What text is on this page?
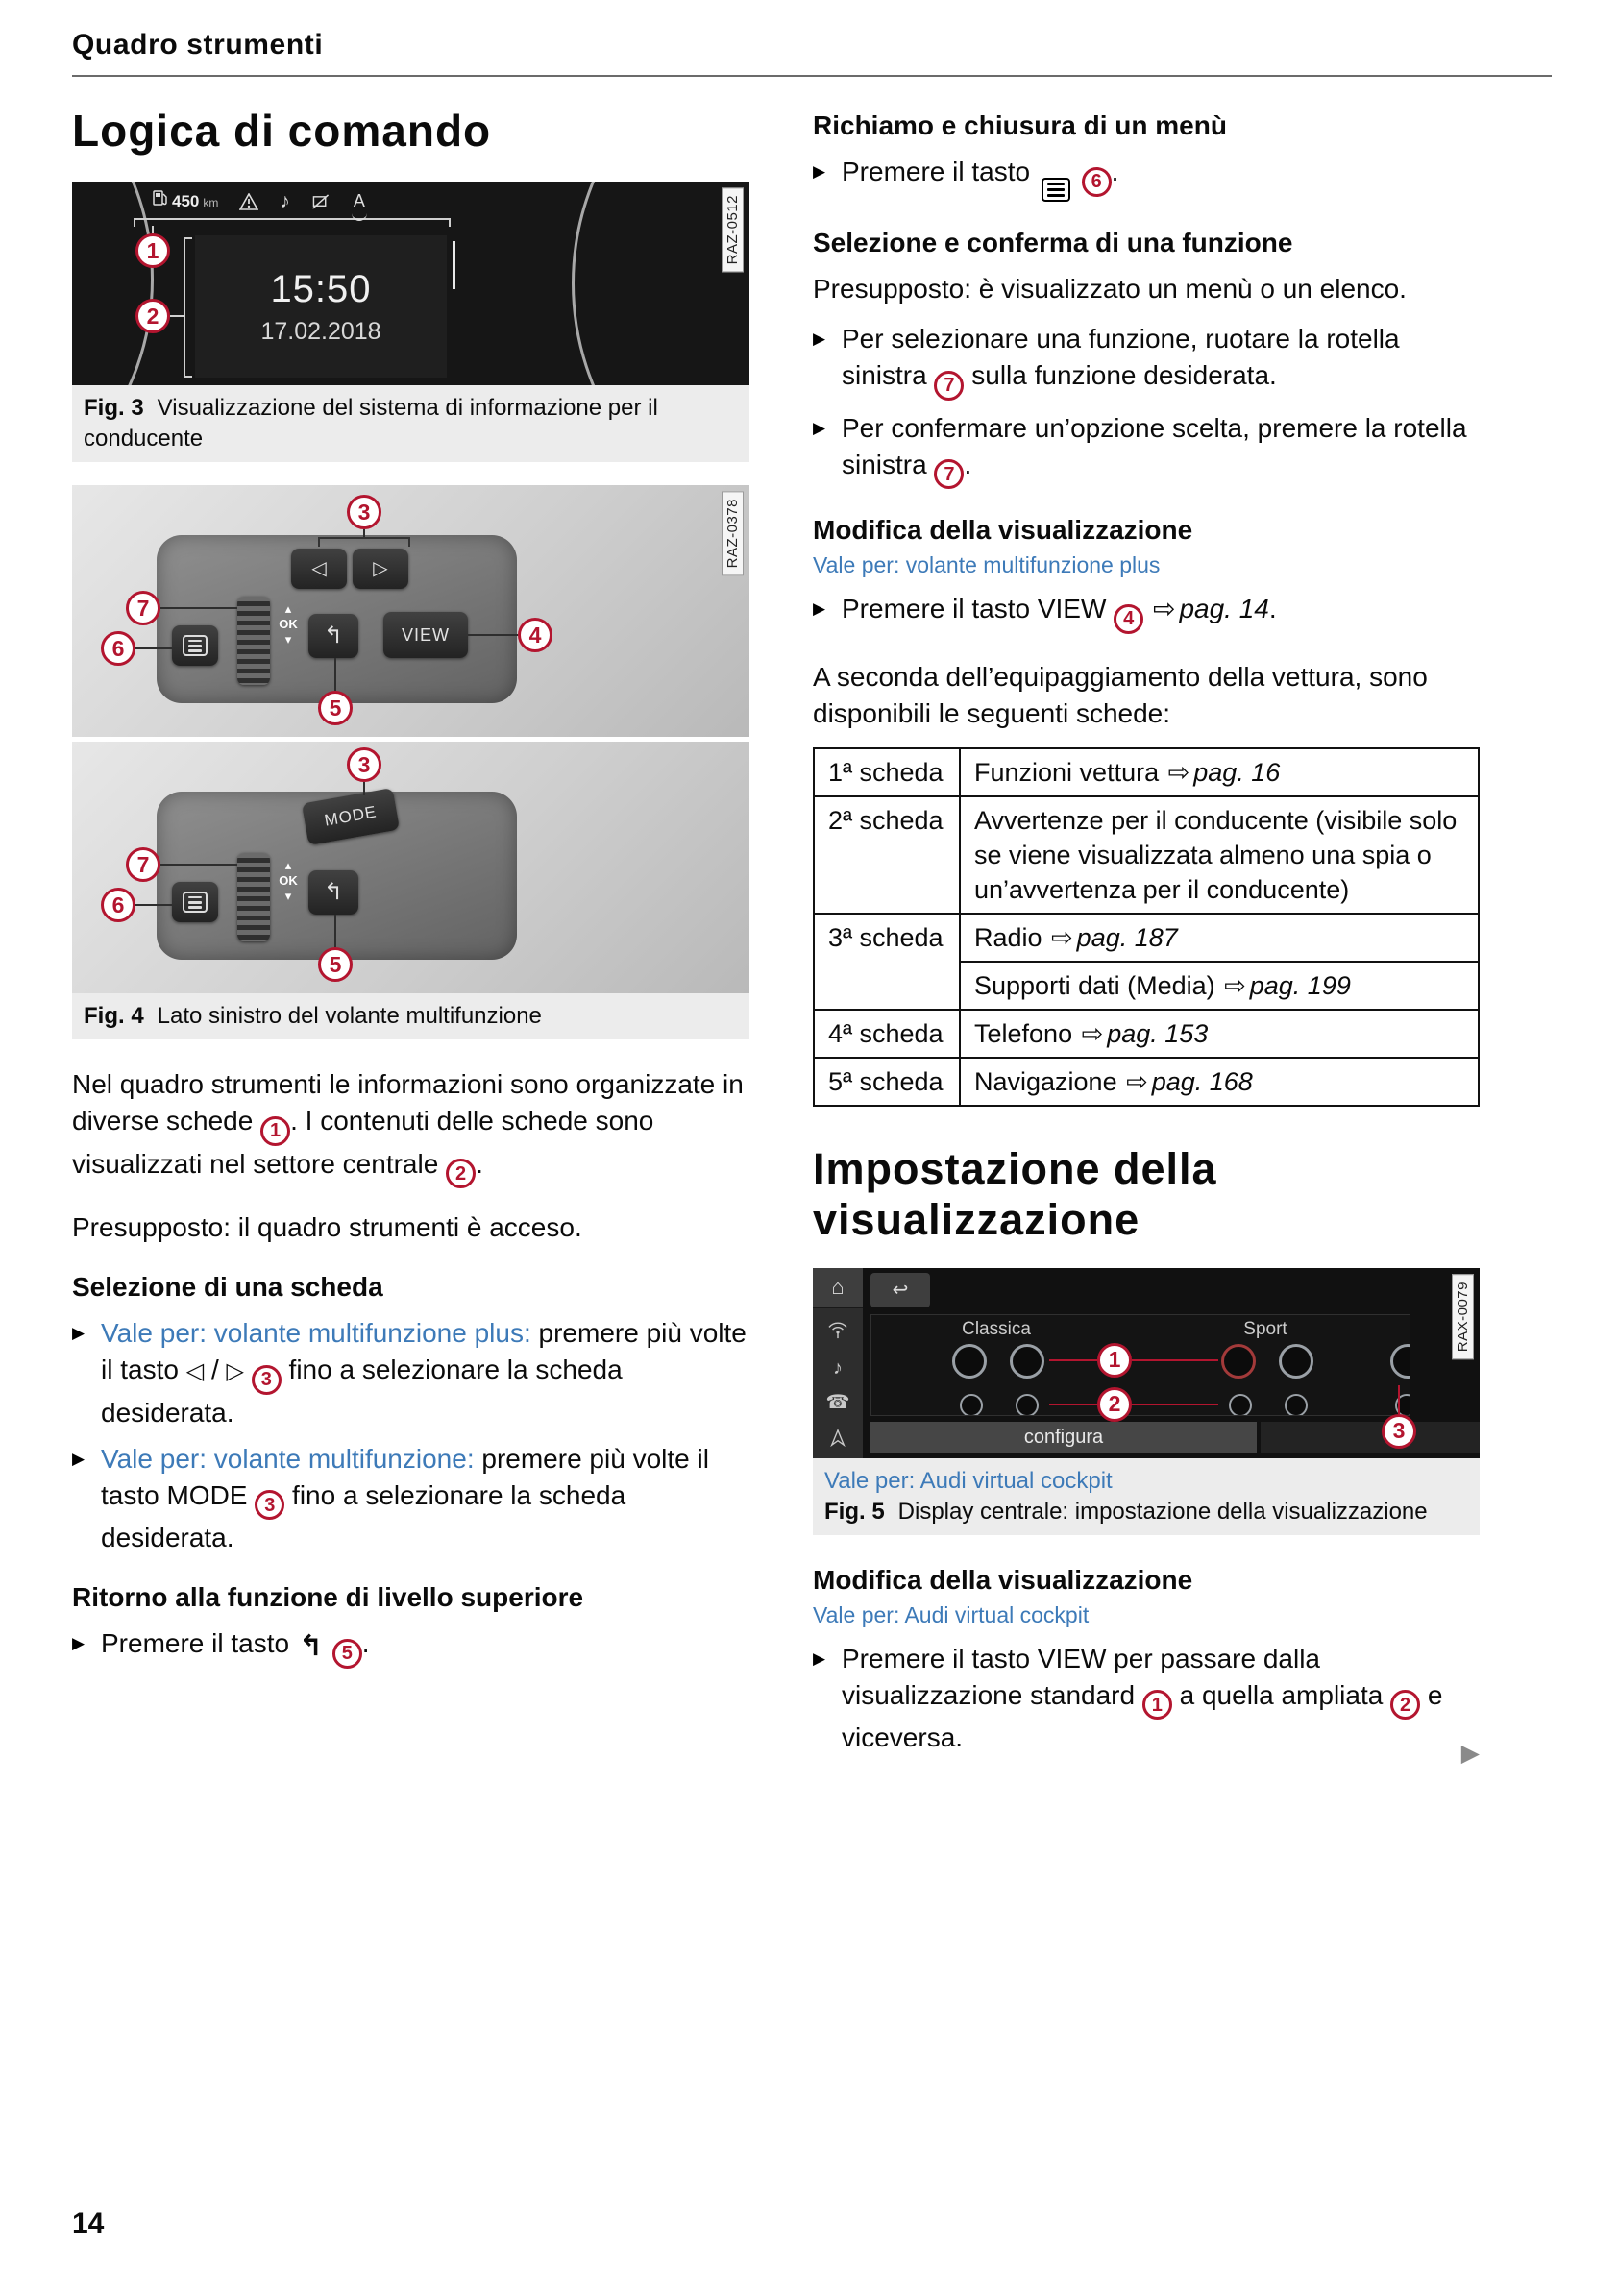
Quadro strumenti
Logica di comando
450 km	♪	A
15:50
17.02.2018
1
2
RAZ-0512
Fig. 3 Visualizzazione del sistema di informazione per il conducente
◁ ▷
▴
OK
▾ ↰	VIEW
3
7
6
4
5
MODE
▴
OK
▾ ↰
3
7
6
5
RAZ-0378
Fig. 4 Lato sinistro del volante multifunzione

Nel quadro strumenti le informazioni sono organizzate in diverse schede 1 . I contenuti delle schede sono visualizzati nel settore centrale 2 .

Presupposto: il quadro strumenti è acceso.

Selezione di una scheda
▶ Vale per: volante multifunzione plus: premere più volte il tasto ◁ / ▷ 3 fino a selezionare la scheda desiderata.
▶ Vale per: volante multifunzione: premere più volte il tasto MODE 3 fino a selezionare la scheda desiderata.
Ritorno alla funzione di livello superiore
▶ Premere il tasto ↰ 5 .
Richiamo e chiusura di un menù
▶ Premere il tasto	6 .
Selezione e conferma di una funzione

Presupposto: è visualizzato un menù o un elenco.

▶ Per selezionare una funzione, ruotare la rotella sinistra 7 sulla funzione desiderata.
▶ Per confermare un’opzione scelta, premere la rotella sinistra 7 .
Modifica della visualizzazione
Vale per: volante multifunzione plus
▶ Premere il tasto VIEW 4 ⇨ pag. 14.

A seconda dell’equipaggiamento della vettura, sono disponibili le seguenti schede:

1ª scheda	Funzioni vettura ⇨ pag. 16
2ª scheda	Avvertenze per il conducente (visibile solo se viene visualizzata almeno una spia o un’avvertenza per il conducente)
3ª scheda	Radio ⇨ pag. 187
	Supporti dati (Media) ⇨ pag. 199
4ª scheda	Telefono ⇨ pag. 153
5ª scheda	Navigazione ⇨ pag. 168
Impostazione della visualizzazione
⌂
♪
☎
↩
Classica	Sport
configura
1
2
3
RAX-0079
Vale per: Audi virtual cockpit
Fig. 5 Display centrale: impostazione della visualizzazione
Modifica della visualizzazione
Vale per: Audi virtual cockpit
▶ Premere il tasto VIEW per passare dalla visualizzazione standard 1 a quella ampliata 2 e viceversa.
▶
14
